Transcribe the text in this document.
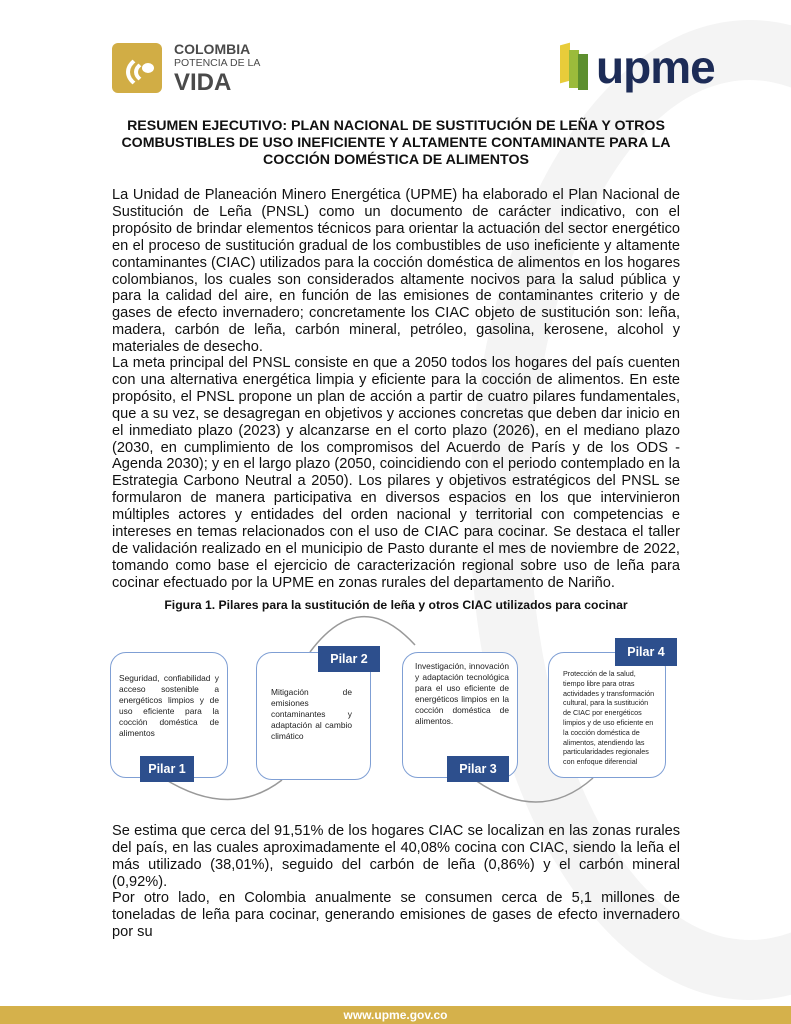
COLOMBIA
POTENCIA DE LA
VIDA	upme
RESUMEN EJECUTIVO: PLAN NACIONAL DE SUSTITUCIÓN DE LEÑA Y OTROS COMBUSTIBLES DE USO INEFICIENTE Y ALTAMENTE CONTAMINANTE PARA LA COCCIÓN DOMÉSTICA DE ALIMENTOS

La Unidad de Planeación Minero Energética (UPME) ha elaborado el Plan Nacional de Sustitución de Leña (PNSL) como un documento de carácter indicativo, con el propósito de brindar elementos técnicos para orientar la actuación del sector energético en el proceso de sustitución gradual de los combustibles de uso ineficiente y altamente contaminantes (CIAC) utilizados para la cocción doméstica de alimentos en los hogares colombianos, los cuales son considerados altamente nocivos para la salud pública y para la calidad del aire, en función de las emisiones de contaminantes criterio y de gases de efecto invernadero; concretamente los CIAC objeto de sustitución son: leña, madera, carbón de leña, carbón mineral, petróleo, gasolina, kerosene, alcohol y materiales de desecho.

La meta principal del PNSL consiste en que a 2050 todos los hogares del país cuenten con una alternativa energética limpia y eficiente para la cocción de alimentos. En este propósito, el PNSL propone un plan de acción a partir de cuatro pilares fundamentales, que a su vez, se desagregan en objetivos y acciones concretas que deben dar inicio en el inmediato plazo (2023) y alcanzarse en el corto plazo (2026), en el mediano plazo (2030, en cumplimiento de los compromisos del Acuerdo de París y de los ODS - Agenda 2030); y en el largo plazo (2050, coincidiendo con el periodo contemplado en la Estrategia Carbono Neutral a 2050). Los pilares y objetivos estratégicos del PNSL se formularon de manera participativa en diversos espacios en los que intervinieron múltiples actores y entidades del orden nacional y territorial con competencias e intereses en temas relacionados con el uso de CIAC para cocinar. Se destaca el taller de validación realizado en el municipio de Pasto durante el mes de noviembre de 2022, tomando como base el ejercicio de caracterización regional sobre uso de leña para cocinar efectuado por la UPME en zonas rurales del departamento de Nariño.

Figura 1. Pilares para la sustitución de leña y otros CIAC utilizados para cocinar
Seguridad, confiabilidad y acceso sostenible a energéticos limpios y de uso eficiente para la cocción doméstica de alimentos
Pilar 1
Mitigación de emisiones contaminantes y adaptación al cambio climático
Pilar 2	Investigación, innovación y adaptación tecnológica para el uso eficiente de energéticos limpios en la cocción doméstica de alimentos.
Pilar 3
Protección de la salud, tiempo libre para otras actividades y transformación cultural, para la sustitución de CIAC por energéticos limpios y de uso eficiente en la cocción doméstica de alimentos, atendiendo las particularidades regionales con enfoque diferencial
Pilar 4

Se estima que cerca del 91,51% de los hogares CIAC se localizan en las zonas rurales del país, en las cuales aproximadamente el 40,08% cocina con CIAC, siendo la leña el más utilizado (38,01%), seguido del carbón de leña (0,86%) y el carbón mineral (0,92%).

Por otro lado, en Colombia anualmente se consumen cerca de 5,1 millones de toneladas de leña para cocinar, generando emisiones de gases de efecto invernadero por su

www.upme.gov.co
